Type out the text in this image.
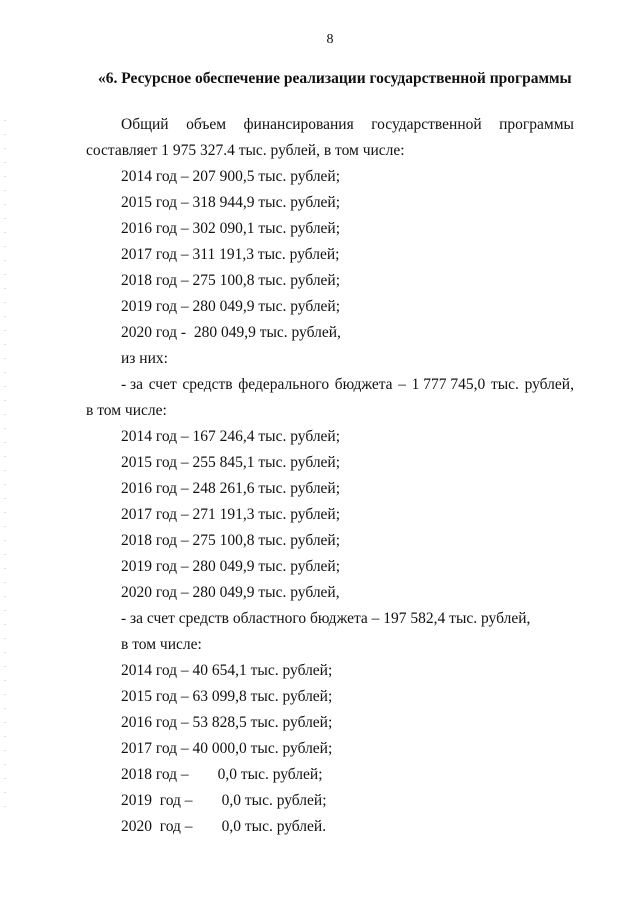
8
«6. Ресурсное обеспечение реализации государственной программы
Общий объем финансирования государственной программы
составляет 1 975 327.4 тыс. рублей, в том числе:
2014 год – 207 900,5 тыс. рублей;
2015 год – 318 944,9 тыс. рублей;
2016 год – 302 090,1 тыс. рублей;
2017 год – 311 191,3 тыс. рублей;
2018 год – 275 100,8 тыс. рублей;
2019 год – 280 049,9 тыс. рублей;
2020 год -  280 049,9 тыс. рублей,
из них:
- за счет средств федерального бюджета – 1 777 745,0 тыс. рублей,
в том числе:
2014 год – 167 246,4 тыс. рублей;
2015 год – 255 845,1 тыс. рублей;
2016 год – 248 261,6 тыс. рублей;
2017 год – 271 191,3 тыс. рублей;
2018 год – 275 100,8 тыс. рублей;
2019 год – 280 049,9 тыс. рублей;
2020 год – 280 049,9 тыс. рублей,
- за счет средств областного бюджета – 197 582,4 тыс. рублей,
в том числе:
2014 год – 40 654,1 тыс. рублей;
2015 год – 63 099,8 тыс. рублей;
2016 год – 53 828,5 тыс. рублей;
2017 год – 40 000,0 тыс. рублей;
2018 год – 0,0 тыс. рублей;
2019  год – 0,0 тыс. рублей;
2020  год – 0,0 тыс. рублей.
